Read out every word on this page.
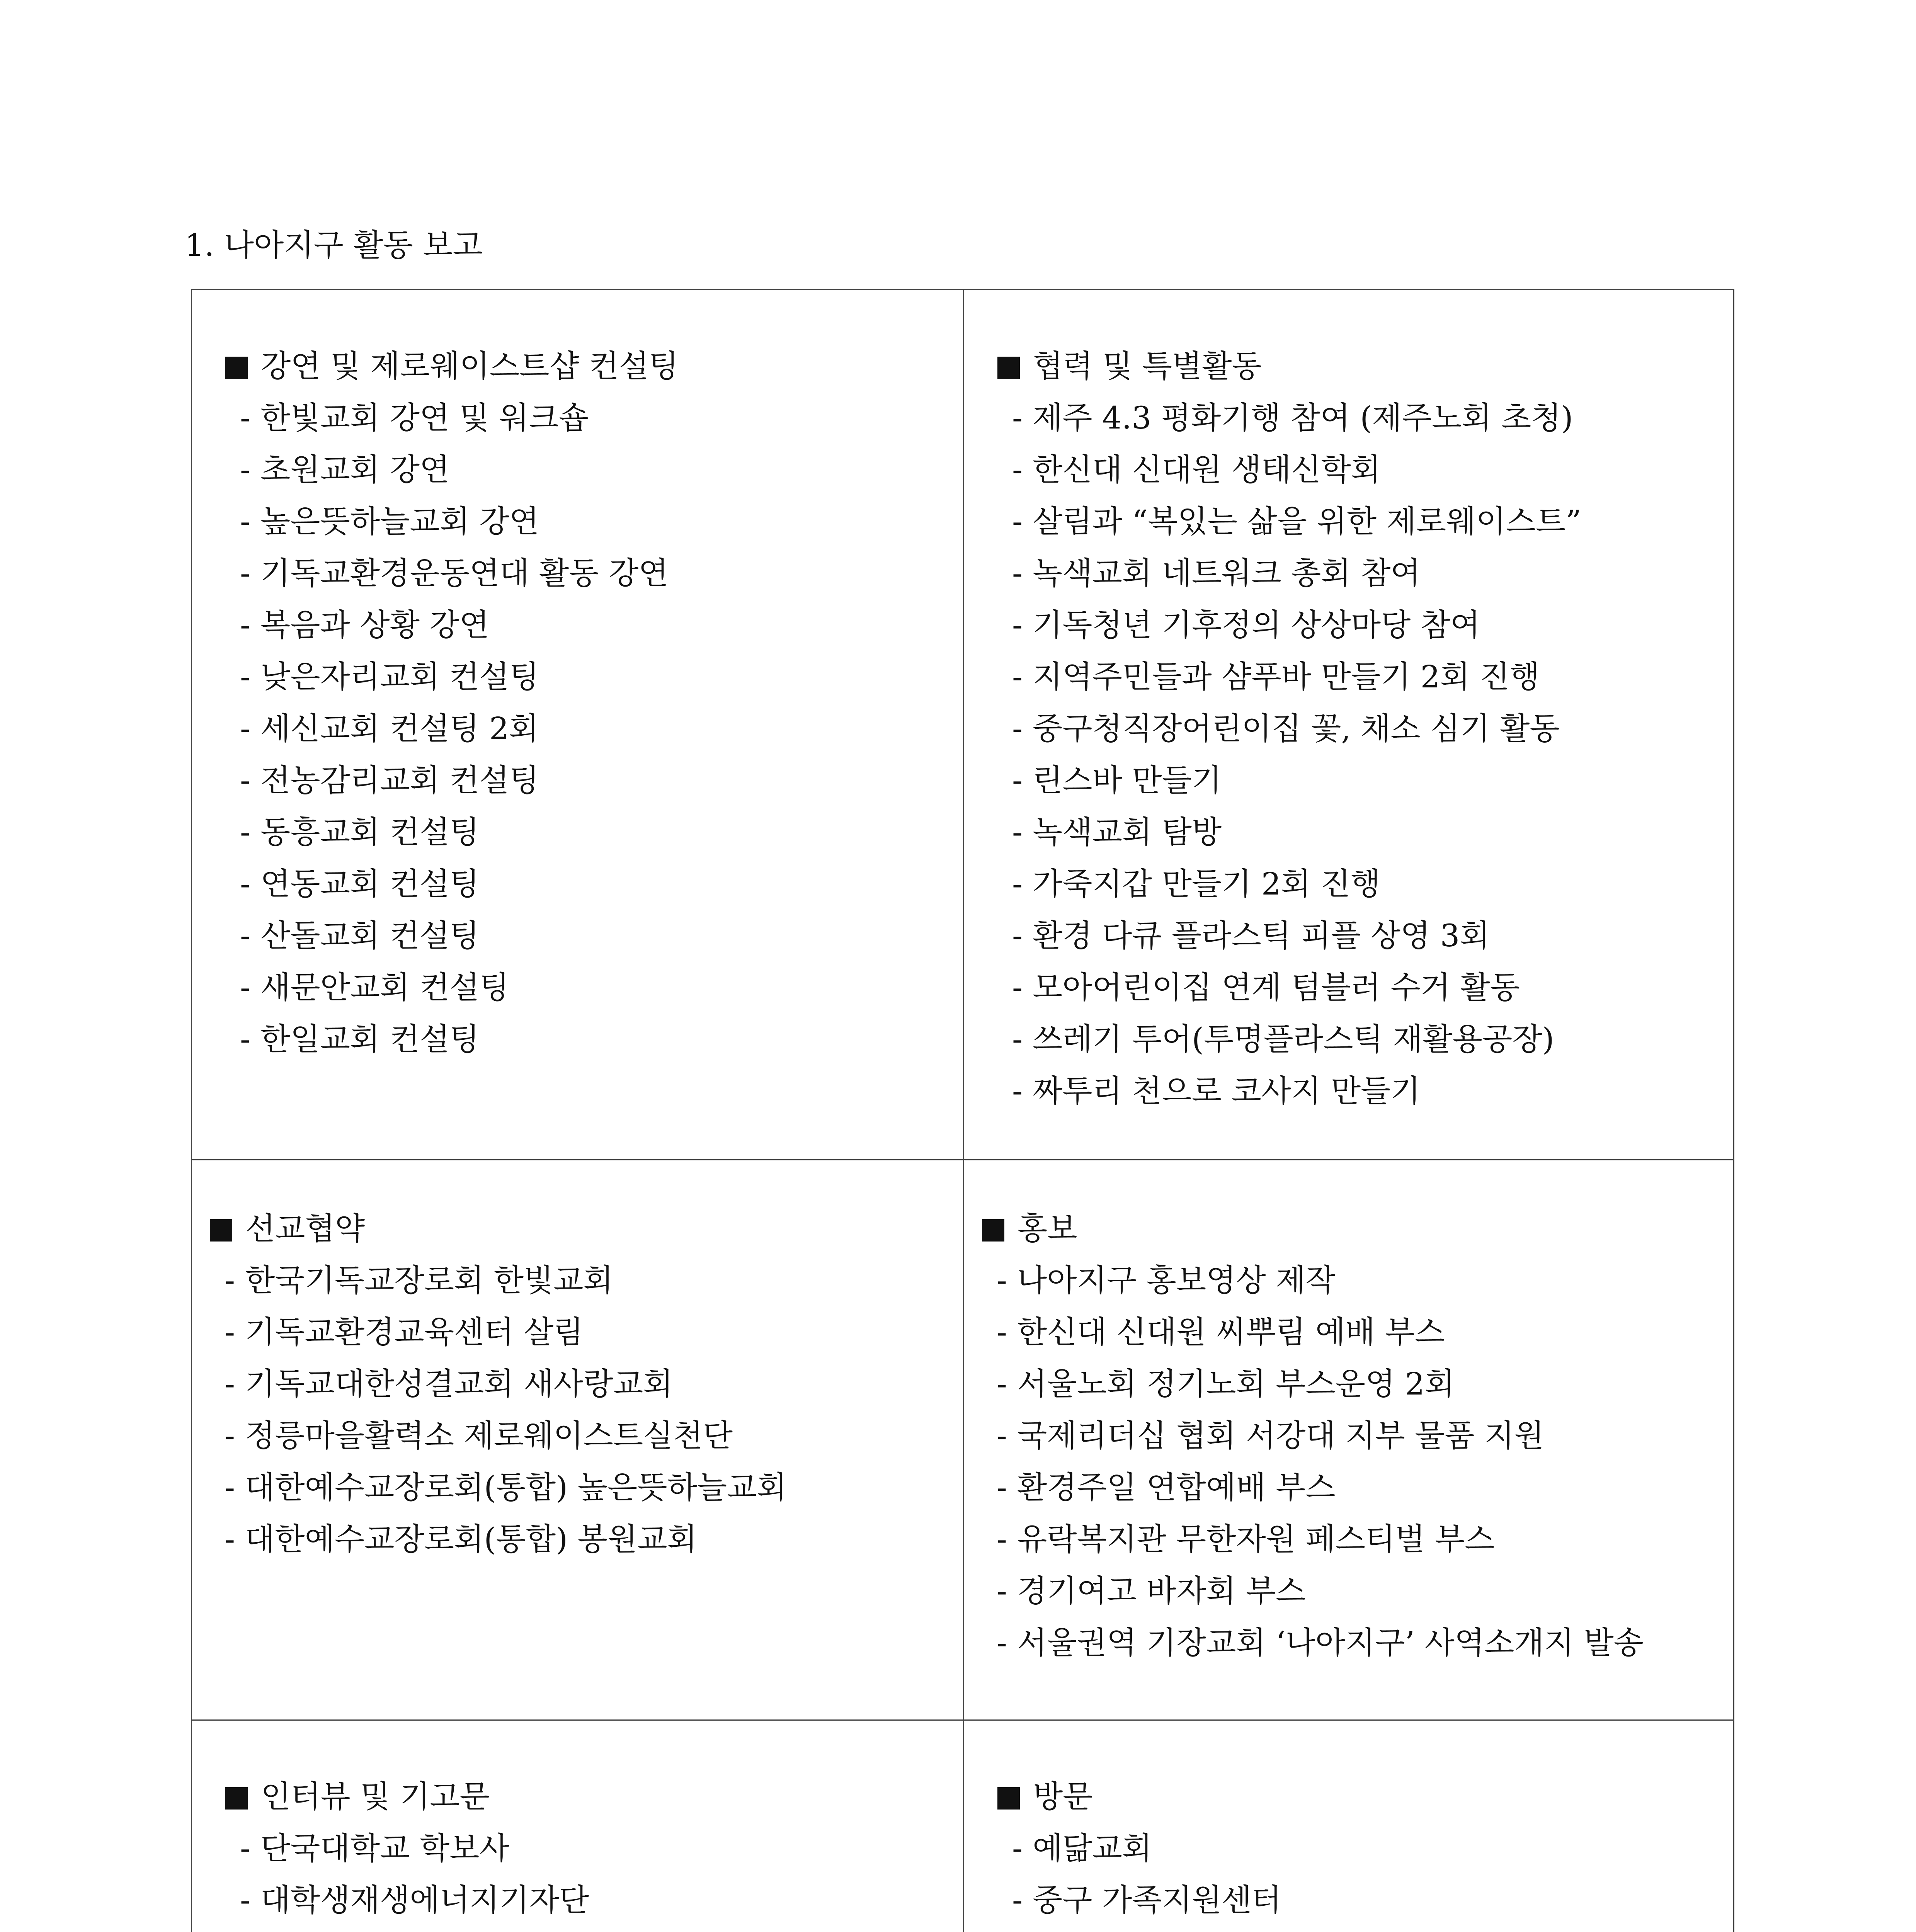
1. 나아지구 활동 보고
강연 및 제로웨이스트샵 컨설팅
- 한빛교회 강연 및 워크숍
- 초원교회 강연
- 높은뜻하늘교회 강연
- 기독교환경운동연대 활동 강연
- 복음과 상황 강연
- 낮은자리교회 컨설팅
- 세신교회 컨설팅 2회
- 전농감리교회 컨설팅
- 동흥교회 컨설팅
- 연동교회 컨설팅
- 산돌교회 컨설팅
- 새문안교회 컨설팅
- 한일교회 컨설팅
협력 및 특별활동
- 제주 4.3 평화기행 참여 (제주노회 초청)
- 한신대 신대원 생태신학회
- 살림과 “복있는 삶을 위한 제로웨이스트”
- 녹색교회 네트워크 총회 참여
- 기독청년 기후정의 상상마당 참여
- 지역주민들과 샴푸바 만들기 2회 진행
- 중구청직장어린이집 꽃, 채소 심기 활동
- 린스바 만들기
- 녹색교회 탐방
- 가죽지갑 만들기 2회 진행
- 환경 다큐 플라스틱 피플 상영 3회
- 모아어린이집 연계 텀블러 수거 활동
- 쓰레기 투어(투명플라스틱 재활용공장)
- 짜투리 천으로 코사지 만들기
선교협약
- 한국기독교장로회 한빛교회
- 기독교환경교육센터 살림
- 기독교대한성결교회 새사랑교회
- 정릉마을활력소 제로웨이스트실천단
- 대한예수교장로회(통합) 높은뜻하늘교회
- 대한예수교장로회(통합) 봉원교회
홍보
- 나아지구 홍보영상 제작
- 한신대 신대원 씨뿌림 예배 부스
- 서울노회 정기노회 부스운영 2회
- 국제리더십 협회 서강대 지부 물품 지원
- 환경주일 연합예배 부스
- 유락복지관 무한자원 페스티벌 부스
- 경기여고 바자회 부스
- 서울권역 기장교회 ‘나아지구’ 사역소개지 발송
인터뷰 및 기고문
- 단국대학교 학보사
- 대학생재생에너지기자단
방문
- 예닮교회
- 중구 가족지원센터
